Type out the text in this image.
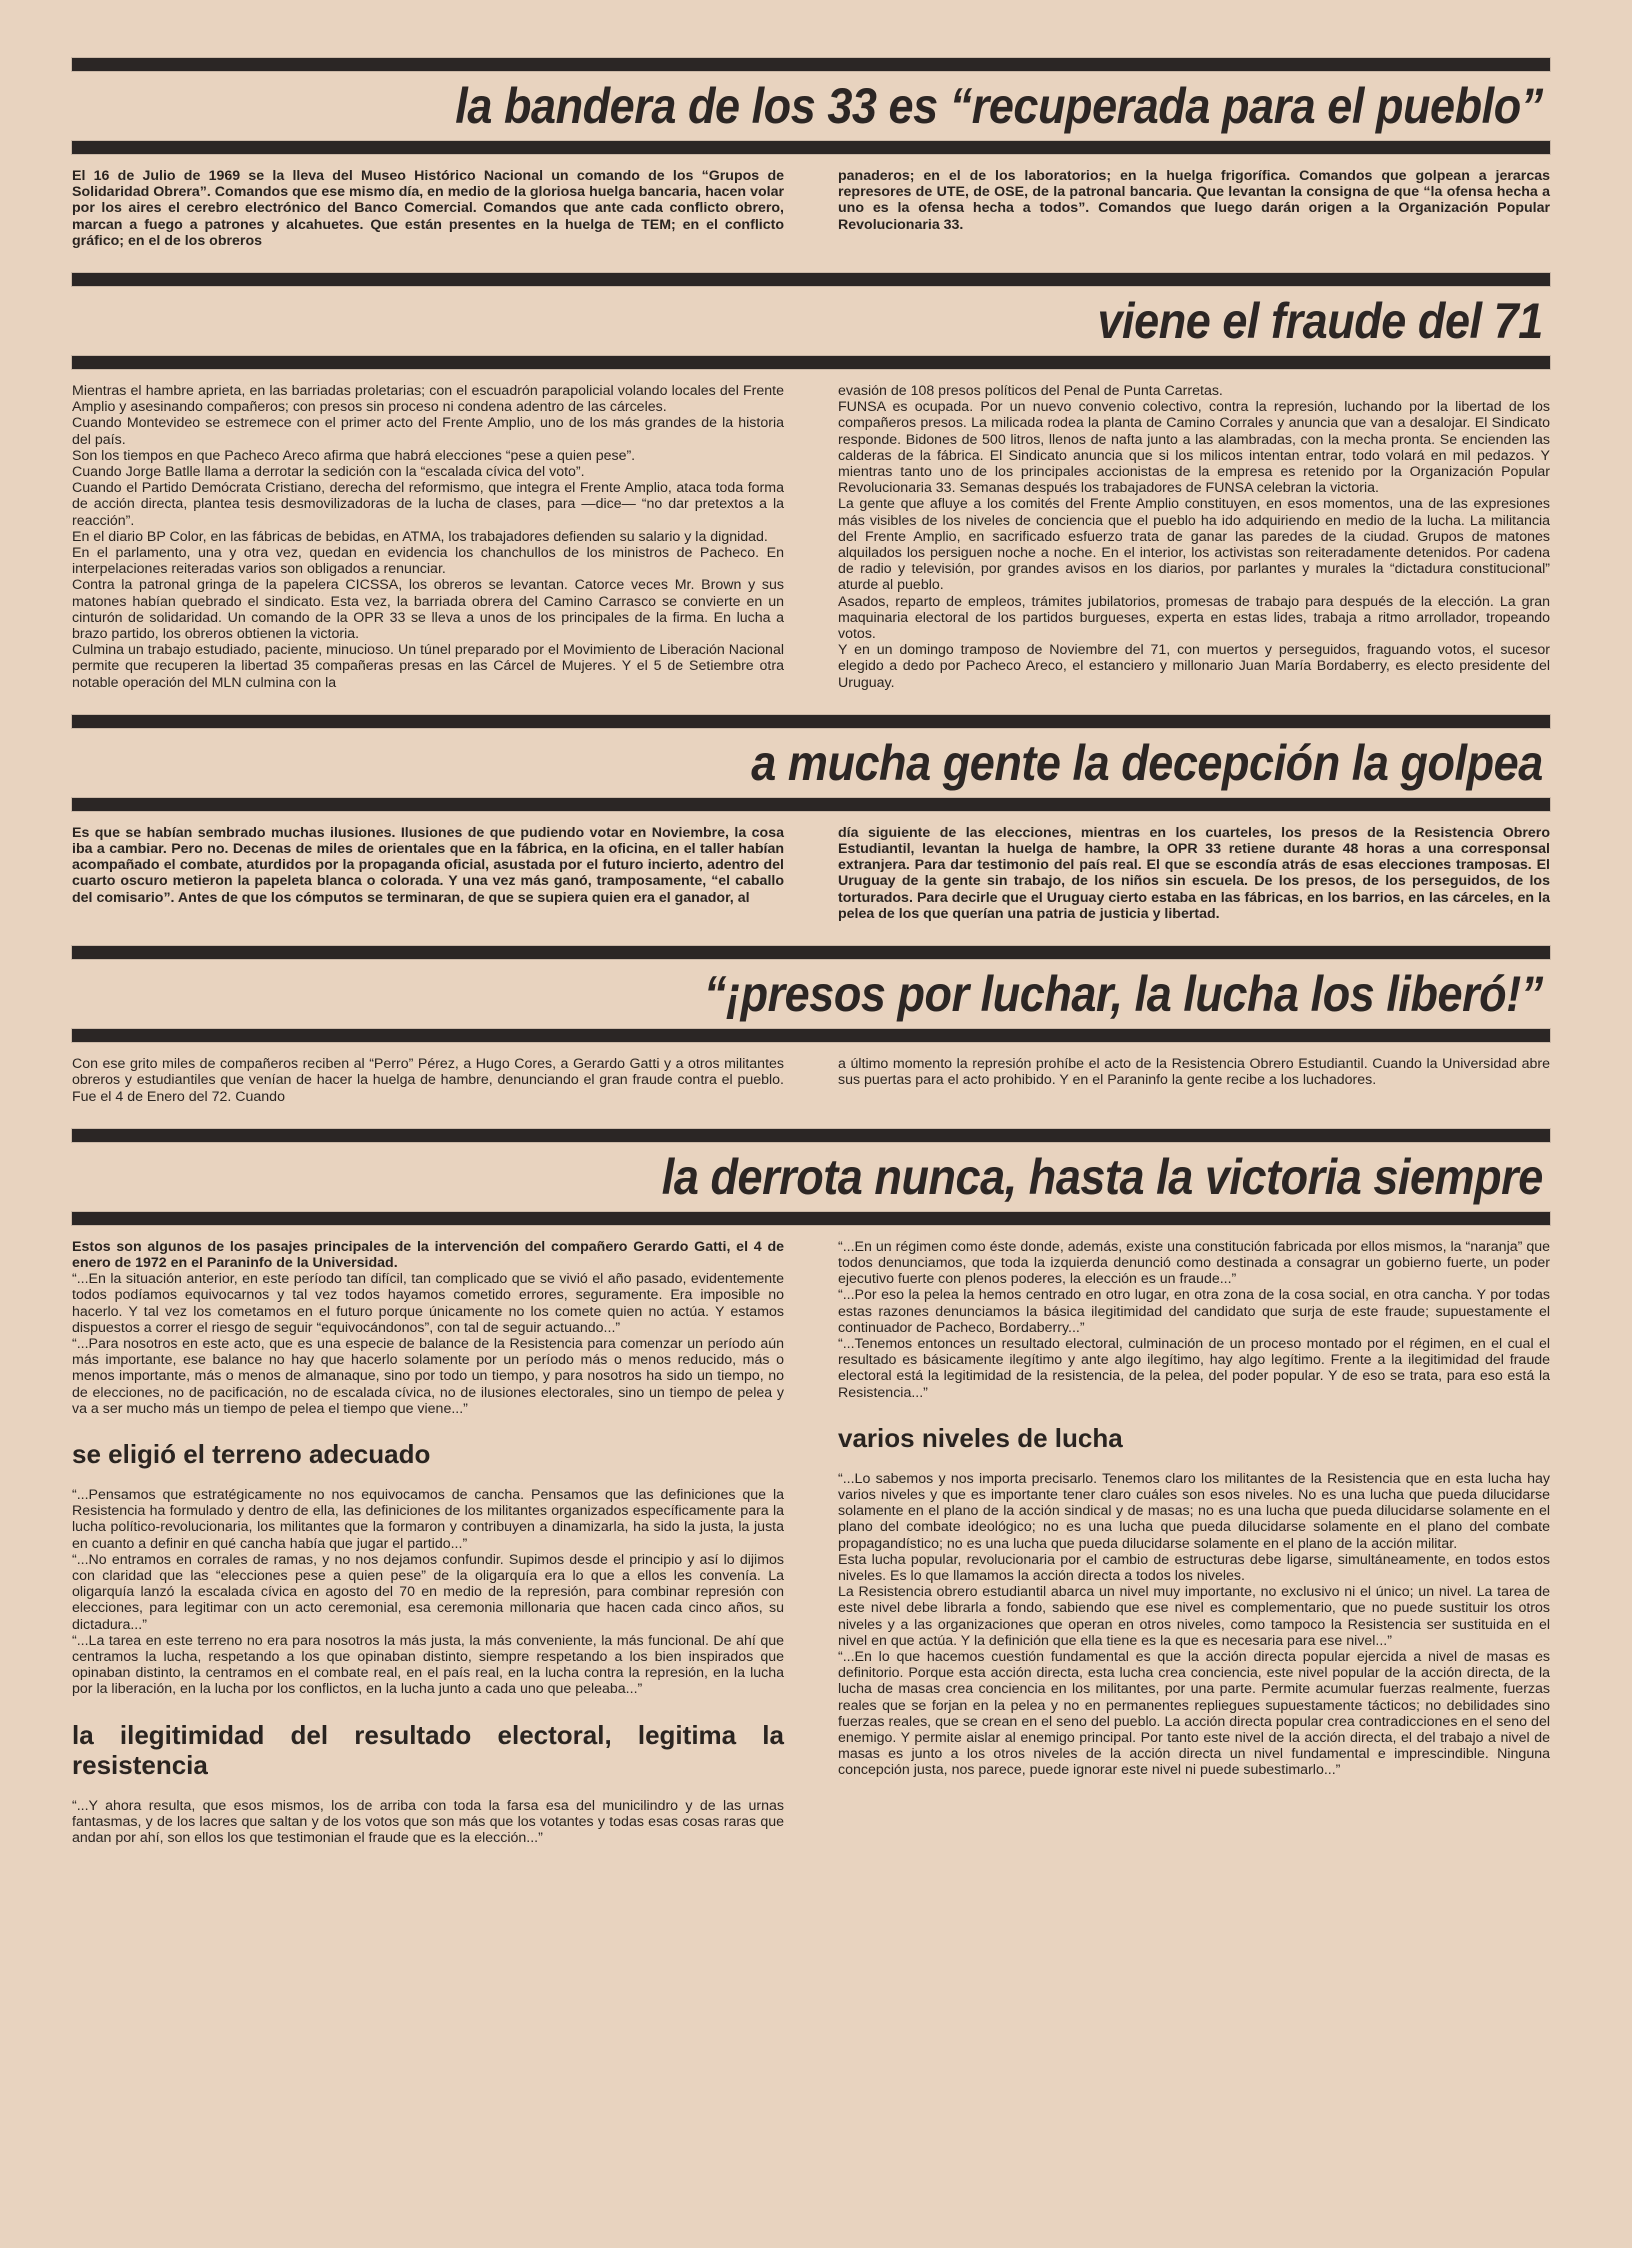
la bandera de los 33 es “recuperada para el pueblo”
El 16 de Julio de 1969 se la lleva del Museo Histórico Nacional un comando de los “Grupos de Solidaridad Obrera”. Comandos que ese mismo día, en medio de la gloriosa huelga bancaria, hacen volar por los aires el cerebro electrónico del Banco Comercial. Comandos que ante cada conflicto obrero, marcan a fuego a patrones y alcahuetes. Que están presentes en la huelga de TEM; en el conflicto gráfico; en el de los obreros
panaderos; en el de los laboratorios; en la huelga frigorífica. Comandos que golpean a jerarcas represores de UTE, de OSE, de la patronal bancaria. Que levantan la consigna de que “la ofensa hecha a uno es la ofensa hecha a todos”. Comandos que luego darán origen a la Organización Popular Revolucionaria 33.
viene el fraude del 71

Mientras el hambre aprieta, en las barriadas proletarias; con el escuadrón parapolicial volando locales del Frente Amplio y asesinando compañeros; con presos sin proceso ni condena adentro de las cárceles.

Cuando Montevideo se estremece con el primer acto del Frente Amplio, uno de los más grandes de la historia del país.

Son los tiempos en que Pacheco Areco afirma que habrá elecciones “pese a quien pese”.

Cuando Jorge Batlle llama a derrotar la sedición con la “escalada cívica del voto”.

Cuando el Partido Demócrata Cristiano, derecha del reformismo, que integra el Frente Amplio, ataca toda forma de acción directa, plantea tesis desmovilizadoras de la lucha de clases, para —dice— “no dar pretextos a la reacción”.

En el diario BP Color, en las fábricas de bebidas, en ATMA, los trabajadores defienden su salario y la dignidad.

En el parlamento, una y otra vez, quedan en evidencia los chanchullos de los ministros de Pacheco. En interpelaciones reiteradas varios son obligados a renunciar.

Contra la patronal gringa de la papelera CICSSA, los obreros se levantan. Catorce veces Mr. Brown y sus matones habían quebrado el sindicato. Esta vez, la barriada obrera del Camino Carrasco se convierte en un cinturón de solidaridad. Un comando de la OPR 33 se lleva a unos de los principales de la firma. En lucha a brazo partido, los obreros obtienen la victoria.

Culmina un trabajo estudiado, paciente, minucioso. Un túnel preparado por el Movimiento de Liberación Nacional permite que recuperen la libertad 35 compañeras presas en las Cárcel de Mujeres. Y el 5 de Setiembre otra notable operación del MLN culmina con la

evasión de 108 presos políticos del Penal de Punta Carretas.

FUNSA es ocupada. Por un nuevo convenio colectivo, contra la represión, luchando por la libertad de los compañeros presos. La milicada rodea la planta de Camino Corrales y anuncia que van a desalojar. El Sindicato responde. Bidones de 500 litros, llenos de nafta junto a las alambradas, con la mecha pronta. Se encienden las calderas de la fábrica. El Sindicato anuncia que si los milicos intentan entrar, todo volará en mil pedazos. Y mientras tanto uno de los principales accionistas de la empresa es retenido por la Organización Popular Revolucionaria 33. Semanas después los trabajadores de FUNSA celebran la victoria.

La gente que afluye a los comités del Frente Amplio constituyen, en esos momentos, una de las expresiones más visibles de los niveles de conciencia que el pueblo ha ido adquiriendo en medio de la lucha. La militancia del Frente Amplio, en sacrificado esfuerzo trata de ganar las paredes de la ciudad. Grupos de matones alquilados los persiguen noche a noche. En el interior, los activistas son reiteradamente detenidos. Por cadena de radio y televisión, por grandes avisos en los diarios, por parlantes y murales la “dictadura constitucional” aturde al pueblo.

Asados, reparto de empleos, trámites jubilatorios, promesas de trabajo para después de la elección. La gran maquinaria electoral de los partidos burgueses, experta en estas lides, trabaja a ritmo arrollador, tropeando votos.

Y en un domingo tramposo de Noviembre del 71, con muertos y perseguidos, fraguando votos, el sucesor elegido a dedo por Pacheco Areco, el estanciero y millonario Juan María Bordaberry, es electo presidente del Uruguay.

a mucha gente la decepción la golpea
Es que se habían sembrado muchas ilusiones. Ilusiones de que pudiendo votar en Noviembre, la cosa iba a cambiar. Pero no. Decenas de miles de orientales que en la fábrica, en la oficina, en el taller habían acompañado el combate, aturdidos por la propaganda oficial, asustada por el futuro incierto, adentro del cuarto oscuro metieron la papeleta blanca o colorada. Y una vez más ganó, tramposamente, “el caballo del comisario”. Antes de que los cómputos se terminaran, de que se supiera quien era el ganador, al
día siguiente de las elecciones, mientras en los cuarteles, los presos de la Resistencia Obrero Estudiantil, levantan la huelga de hambre, la OPR 33 retiene durante 48 horas a una corresponsal extranjera. Para dar testimonio del país real. El que se escondía atrás de esas elecciones tramposas. El Uruguay de la gente sin trabajo, de los niños sin escuela. De los presos, de los perseguidos, de los torturados. Para decirle que el Uruguay cierto estaba en las fábricas, en los barrios, en las cárceles, en la pelea de los que querían una patria de justicia y libertad.
“¡presos por luchar, la lucha los liberó!”
Con ese grito miles de compañeros reciben al “Perro” Pérez, a Hugo Cores, a Gerardo Gatti y a otros militantes obreros y estudiantiles que venían de hacer la huelga de hambre, denunciando el gran fraude contra el pueblo. Fue el 4 de Enero del 72. Cuando
a último momento la represión prohíbe el acto de la Resistencia Obrero Estudiantil. Cuando la Universidad abre sus puertas para el acto prohibido. Y en el Paraninfo la gente recibe a los luchadores.
la derrota nunca, hasta la victoria siempre

Estos son algunos de los pasajes principales de la intervención del compañero Gerardo Gatti, el 4 de enero de 1972 en el Paraninfo de la Universidad.

“...En la situación anterior, en este período tan difícil, tan complicado que se vivió el año pasado, evidentemente todos podíamos equivocarnos y tal vez todos hayamos cometido errores, seguramente. Era imposible no hacerlo. Y tal vez los cometamos en el futuro porque únicamente no los comete quien no actúa. Y estamos dispuestos a correr el riesgo de seguir “equivocándonos”, con tal de seguir actuando...”

“...Para nosotros en este acto, que es una especie de balance de la Resistencia para comenzar un período aún más importante, ese balance no hay que hacerlo solamente por un período más o menos reducido, más o menos importante, más o menos de almanaque, sino por todo un tiempo, y para nosotros ha sido un tiempo, no de elecciones, no de pacificación, no de escalada cívica, no de ilusiones electorales, sino un tiempo de pelea y va a ser mucho más un tiempo de pelea el tiempo que viene...”

se eligió el terreno adecuado

“...Pensamos que estratégicamente no nos equivocamos de cancha. Pensamos que las definiciones que la Resistencia ha formulado y dentro de ella, las definiciones de los militantes organizados específicamente para la lucha político-revolucionaria, los militantes que la formaron y contribuyen a dinamizarla, ha sido la justa, la justa en cuanto a definir en qué cancha había que jugar el partido...”

“...No entramos en corrales de ramas, y no nos dejamos confundir. Supimos desde el principio y así lo dijimos con claridad que las “elecciones pese a quien pese” de la oligarquía era lo que a ellos les convenía. La oligarquía lanzó la escalada cívica en agosto del 70 en medio de la represión, para combinar represión con elecciones, para legitimar con un acto ceremonial, esa ceremonia millonaria que hacen cada cinco años, su dictadura...”

“...La tarea en este terreno no era para nosotros la más justa, la más conveniente, la más funcional. De ahí que centramos la lucha, respetando a los que opinaban distinto, siempre respetando a los bien inspirados que opinaban distinto, la centramos en el combate real, en el país real, en la lucha contra la represión, en la lucha por la liberación, en la lucha por los conflictos, en la lucha junto a cada uno que peleaba...”

la ilegitimidad del resultado electoral, legitima la resistencia

“...Y ahora resulta, que esos mismos, los de arriba con toda la farsa esa del municilindro y de las urnas fantasmas, y de los lacres que saltan y de los votos que son más que los votantes y todas esas cosas raras que andan por ahí, son ellos los que testimonian el fraude que es la elección...”

“...En un régimen como éste donde, además, existe una constitución fabricada por ellos mismos, la “naranja” que todos denunciamos, que toda la izquierda denunció como destinada a consagrar un gobierno fuerte, un poder ejecutivo fuerte con plenos poderes, la elección es un fraude...”

“...Por eso la pelea la hemos centrado en otro lugar, en otra zona de la cosa social, en otra cancha. Y por todas estas razones denunciamos la básica ilegitimidad del candidato que surja de este fraude; supuestamente el continuador de Pacheco, Bordaberry...”

“...Tenemos entonces un resultado electoral, culminación de un proceso montado por el régimen, en el cual el resultado es básicamente ilegítimo y ante algo ilegítimo, hay algo legítimo. Frente a la ilegitimidad del fraude electoral está la legitimidad de la resistencia, de la pelea, del poder popular. Y de eso se trata, para eso está la Resistencia...”

varios niveles de lucha

“...Lo sabemos y nos importa precisarlo. Tenemos claro los militantes de la Resistencia que en esta lucha hay varios niveles y que es importante tener claro cuáles son esos niveles. No es una lucha que pueda dilucidarse solamente en el plano de la acción sindical y de masas; no es una lucha que pueda dilucidarse solamente en el plano del combate ideológico; no es una lucha que pueda dilucidarse solamente en el plano del combate propagandístico; no es una lucha que pueda dilucidarse solamente en el plano de la acción militar.

Esta lucha popular, revolucionaria por el cambio de estructuras debe ligarse, simultáneamente, en todos estos niveles. Es lo que llamamos la acción directa a todos los niveles.

La Resistencia obrero estudiantil abarca un nivel muy importante, no exclusivo ni el único; un nivel. La tarea de este nivel debe librarla a fondo, sabiendo que ese nivel es complementario, que no puede sustituir los otros niveles y a las organizaciones que operan en otros niveles, como tampoco la Resistencia ser sustituida en el nivel en que actúa. Y la definición que ella tiene es la que es necesaria para ese nivel...”

“...En lo que hacemos cuestión fundamental es que la acción directa popular ejercida a nivel de masas es definitorio. Porque esta acción directa, esta lucha crea conciencia, este nivel popular de la acción directa, de la lucha de masas crea conciencia en los militantes, por una parte. Permite acumular fuerzas realmente, fuerzas reales que se forjan en la pelea y no en permanentes repliegues supuestamente tácticos; no debilidades sino fuerzas reales, que se crean en el seno del pueblo. La acción directa popular crea contradicciones en el seno del enemigo. Y permite aislar al enemigo principal. Por tanto este nivel de la acción directa, el del trabajo a nivel de masas es junto a los otros niveles de la acción directa un nivel fundamental e imprescindible. Ninguna concepción justa, nos parece, puede ignorar este nivel ni puede subestimarlo...”
